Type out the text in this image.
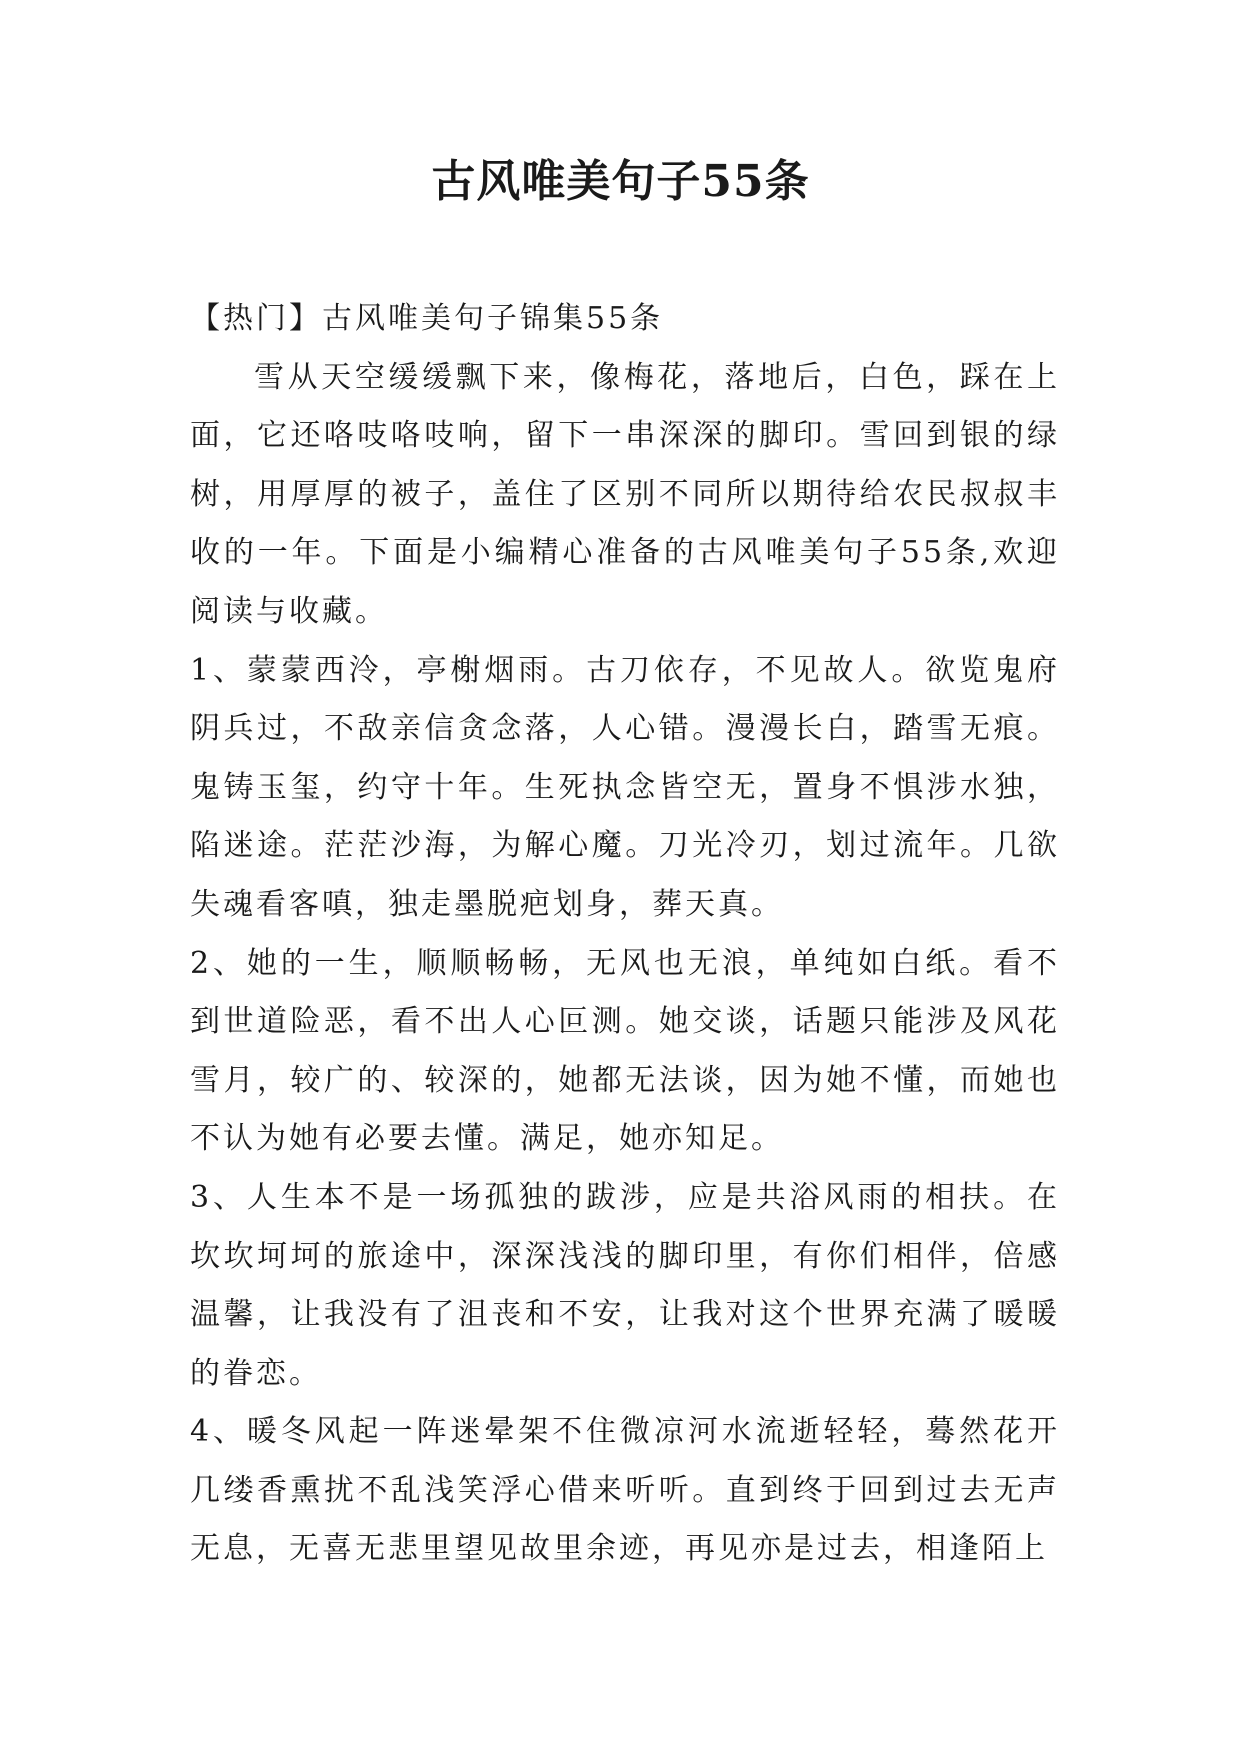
古风唯美句子55条

【热门】古风唯美句子锦集55条

雪从天空缓缓飘下来，像梅花，落地后，白色，踩在上面，它还咯吱咯吱响，留下一串深深的脚印。雪回到银的绿树，用厚厚的被子，盖住了区别不同所以期待给农民叔叔丰收的一年。下面是小编精心准备的古风唯美句子55条,欢迎阅读与收藏。

1、蒙蒙西泠，亭榭烟雨。古刀依存，不见故人。欲览鬼府阴兵过，不敌亲信贪念落，人心错。漫漫长白，踏雪无痕。鬼铸玉玺，约守十年。生死执念皆空无，置身不惧涉水独，陷迷途。茫茫沙海，为解心魔。刀光冷刃，划过流年。几欲失魂看客嗔，独走墨脱疤划身，葬天真。

2、她的一生，顺顺畅畅，无风也无浪，单纯如白纸。看不到世道险恶，看不出人心叵测。她交谈，话题只能涉及风花雪月，较广的、较深的，她都无法谈，因为她不懂，而她也不认为她有必要去懂。满足，她亦知足。

3、人生本不是一场孤独的跋涉，应是共浴风雨的相扶。在坎坎坷坷的旅途中，深深浅浅的脚印里，有你们相伴，倍感温馨，让我没有了沮丧和不安，让我对这个世界充满了暖暖的眷恋。

4、暖冬风起一阵迷晕架不住微凉河水流逝轻轻，蓦然花开几缕香熏扰不乱浅笑浮心借来听听。直到终于回到过去无声无息，无喜无悲里望见故里余迹，再见亦是过去，相逢陌上
